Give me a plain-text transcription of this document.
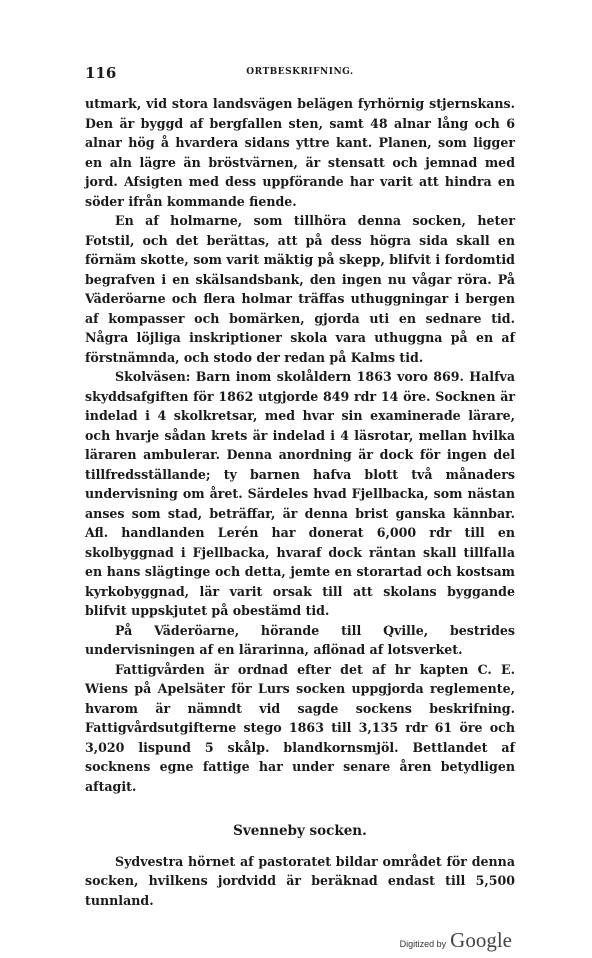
116	ORTBESKRIFNING.

utmark, vid stora landsvägen belägen fyrhörnig stjernskans. Den är byggd af bergfallen sten, samt 48 alnar lång och 6 alnar hög å hvardera sidans yttre kant. Planen, som ligger en aln lägre än bröstvärnen, är stensatt och jemnad med jord. Afsigten med dess uppförande har varit att hindra en söder ifrån kommande fiende.

En af holmarne, som tillhöra denna socken, heter Fotstil, och det berättas, att på dess högra sida skall en förnäm skotte, som varit mäktig på skepp, blifvit i fordomtid begrafven i en skälsandsbank, den ingen nu vågar röra. På Väderöarne och flera holmar träffas uthuggningar i bergen af kompasser och bomärken, gjorda uti en sednare tid. Några löjliga inskriptioner skola vara uthuggna på en af förstnämnda, och stodo der redan på Kalms tid.

Skolväsen: Barn inom skolåldern 1863 voro 869. Halfva skyddsafgiften för 1862 utgjorde 849 rdr 14 öre. Socknen är indelad i 4 skolkretsar, med hvar sin examinerade lärare, och hvarje sådan krets är indelad i 4 läsrotar, mellan hvilka läraren ambulerar. Denna anordning är dock för ingen del tillfredsställande; ty barnen hafva blott två månaders undervisning om året. Särdeles hvad Fjellbacka, som nästan anses som stad, beträffar, är denna brist ganska kännbar. Afl. handlanden Lerén har donerat 6,000 rdr till en skolbyggnad i Fjellbacka, hvaraf dock räntan skall tillfalla en hans slägtinge och detta, jemte en storartad och kostsam kyrkobyggnad, lär varit orsak till att skolans byggande blifvit uppskjutet på obestämd tid.

På Väderöarne, hörande till Qville, bestrides undervisningen af en lärarinna, aflönad af lotsverket.

Fattigvården är ordnad efter det af hr kapten C. E. Wiens på Apelsäter för Lurs socken uppgjorda reglemente, hvarom är nämndt vid sagde sockens beskrifning. Fattigvårdsutgifterne stego 1863 till 3,135 rdr 61 öre och 3,020 lispund 5 skålp. blandkornsmjöl. Bettlandet af socknens egne fattige har under senare åren betydligen aftagit.

Svenneby socken.

Sydvestra hörnet af pastoratet bildar området för denna socken, hvilkens jordvidd är beräknad endast till 5,500 tunnland.

Digitized by Google
